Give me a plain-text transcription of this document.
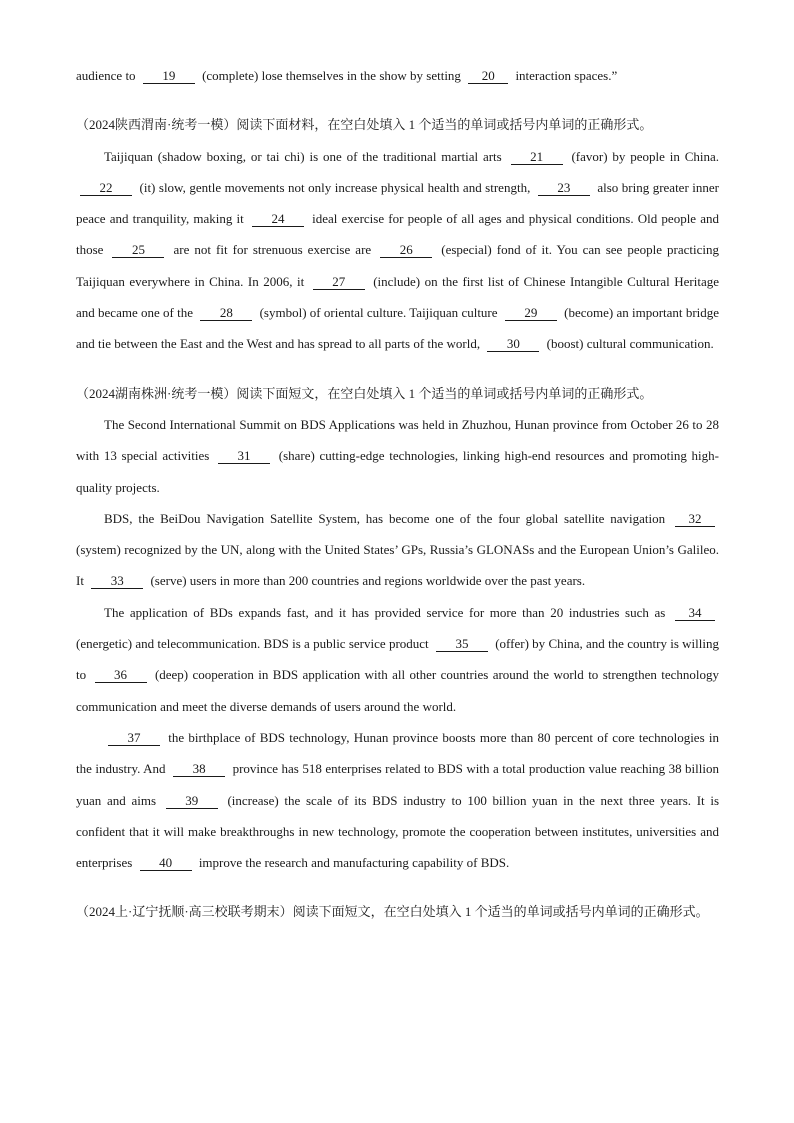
audience to 19 (complete) lose themselves in the show by setting 20 interaction spaces.”

（2024陕西渭南·统考一模）阅读下面材料，在空白处填入 1 个适当的单词或括号内单词的正确形式。

Taijiquan (shadow boxing, or tai chi) is one of the traditional martial arts 21 (favor) by people in China. 22 (it) slow, gentle movements not only increase physical health and strength, 23 also bring greater inner peace and tranquility, making it 24 ideal exercise for people of all ages and physical conditions. Old people and those 25 are not fit for strenuous exercise are 26 (especial) fond of it. You can see people practicing Taijiquan everywhere in China. In 2006, it 27 (include) on the first list of Chinese Intangible Cultural Heritage and became one of the 28 (symbol) of oriental culture. Taijiquan culture 29 (become) an important bridge and tie between the East and the West and has spread to all parts of the world, 30 (boost) cultural communication.

（2024湖南株洲·统考一模）阅读下面短文，在空白处填入 1 个适当的单词或括号内单词的正确形式。

The Second International Summit on BDS Applications was held in Zhuzhou, Hunan province from October 26 to 28 with 13 special activities 31 (share) cutting-edge technologies, linking high-end resources and promoting high-quality projects.

BDS, the BeiDou Navigation Satellite System, has become one of the four global satellite navigation 32 (system) recognized by the UN, along with the United States’ GPs, Russia’s GLONASs and the European Union’s Galileo. It 33 (serve) users in more than 200 countries and regions worldwide over the past years.

The application of BDs expands fast, and it has provided service for more than 20 industries such as 34 (energetic) and telecommunication. BDS is a public service product 35 (offer) by China, and the country is willing to 36 (deep) cooperation in BDS application with all other countries around the world to strengthen technology communication and meet the diverse demands of users around the world.

37 the birthplace of BDS technology, Hunan province boosts more than 80 percent of core technologies in the industry. And 38 province has 518 enterprises related to BDS with a total production value reaching 38 billion yuan and aims 39 (increase) the scale of its BDS industry to 100 billion yuan in the next three years. It is confident that it will make breakthroughs in new technology, promote the cooperation between institutes, universities and enterprises 40 improve the research and manufacturing capability of BDS.

（2024上·辽宁抚顺·高三校联考期末）阅读下面短文，在空白处填入 1 个适当的单词或括号内单词的正确形式。
